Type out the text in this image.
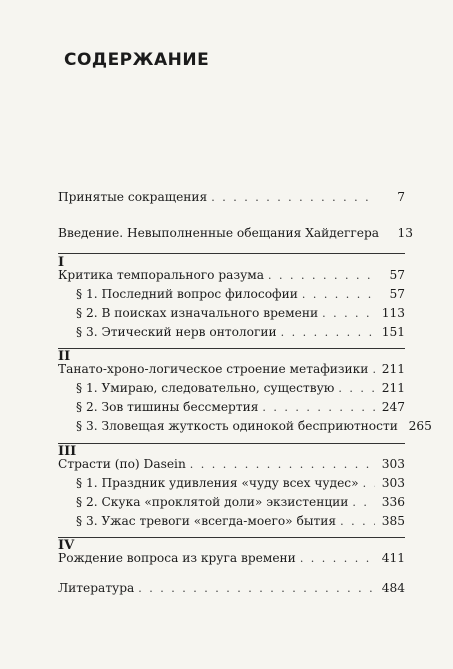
СОДЕРЖАНИЕ
Принятые сокращения . . .	7
Введение. Невыполненные обещания Хайдеггера	13
I
Критика темпорального разума . . .	57
§ 1. Последний вопрос философии . . .	57
§ 2. В поисках изначального времени . . .	113
§ 3. Этический нерв онтологии . . .	151
II
Танато-хроно-логическое строение метафизики . . . 211
§ 1. Умираю, следовательно, существую . . .	211
§ 2. Зов тишины бессмертия . . .	247
§ 3. Зловещая жуткость одинокой бесприютности 265
III
Страсти (по) Dasein . . .	303
§ 1. Праздник удивления «чуду всех чудес» . . . 303
§ 2. Скука «проклятой доли» экзистенции . . .	336
§ 3. Ужас тревоги «всегда-моего» бытия . . .	385
IV
Рождение вопроса из круга времени . . .	411
Литература . . .	484
